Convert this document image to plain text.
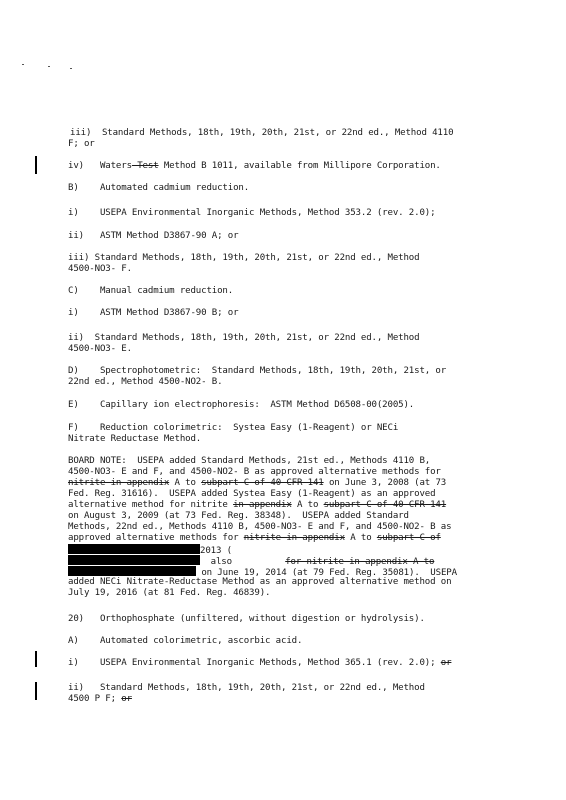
iii)  Standard Methods, 18th, 19th, 20th, 21st, or 22nd ed., Method 4110
F; or
iv)   Waters Test Method B 1011, available from Millipore Corporation.
B)    Automated cadmium reduction.
i)    USEPA Environmental Inorganic Methods, Method 353.2 (rev. 2.0);
ii)   ASTM Method D3867-90 A; or
iii) Standard Methods, 18th, 19th, 20th, 21st, or 22nd ed., Method
4500-NO3- F.
C)    Manual cadmium reduction.
i)    ASTM Method D3867-90 B; or
ii)  Standard Methods, 18th, 19th, 20th, 21st, or 22nd ed., Method
4500-NO3- E.
D)    Spectrophotometric:  Standard Methods, 18th, 19th, 20th, 21st, or
22nd ed., Method 4500-NO2- B.
E)    Capillary ion electrophoresis:  ASTM Method D6508-00(2005).
F)    Reduction colorimetric:  Systea Easy (1-Reagent) or NECi
Nitrate Reductase Method.
BOARD NOTE:  USEPA added Standard Methods, 21st ed., Methods 4110 B,
4500-NO3- E and F, and 4500-NO2- B as approved alternative methods for
nitrite in appendix A to subpart C of 40 CFR 141 on June 3, 2008 (at 73
Fed. Reg. 31616).  USEPA added Systea Easy (1-Reagent) as an approved
alternative method for nitrite in appendix A to subpart C of 40 CFR 141
on August 3, 2009 (at 73 Fed. Reg. 38348).  USEPA added Standard
Methods, 22nd ed., Methods 4110 B, 4500-NO3- E and F, and 4500-NO2- B as
approved alternative methods for nitrite in appendix A to subpart C of
2013 (
also	for nitrite in appendix A to
on June 19, 2014 (at 79 Fed. Reg. 35081).  USEPA
added NECi Nitrate-Reductase Method as an approved alternative method on
July 19, 2016 (at 81 Fed. Reg. 46839).
20)   Orthophosphate (unfiltered, without digestion or hydrolysis).
A)    Automated colorimetric, ascorbic acid.
i)    USEPA Environmental Inorganic Methods, Method 365.1 (rev. 2.0); or
ii)   Standard Methods, 18th, 19th, 20th, 21st, or 22nd ed., Method
4500 P F; or
